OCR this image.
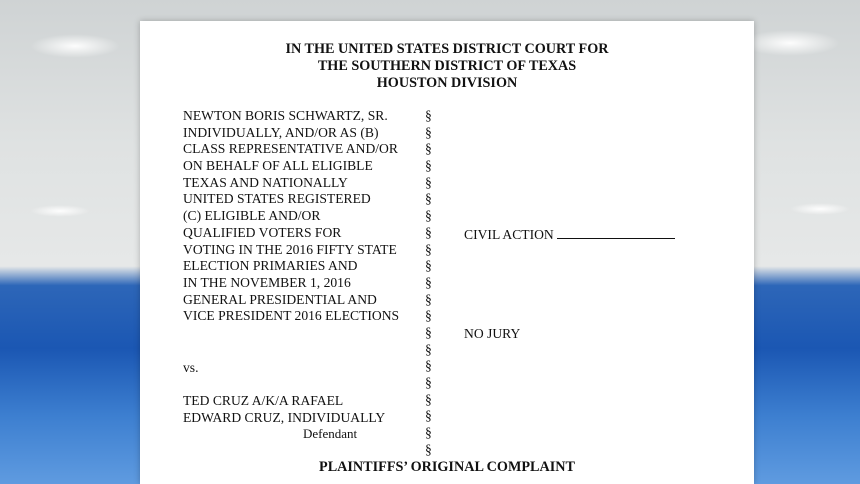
IN THE UNITED STATES DISTRICT COURT FOR
THE SOUTHERN DISTRICT OF TEXAS
HOUSTON DIVISION
NEWTON BORIS SCHWARTZ, SR.
INDIVIDUALLY, AND/OR AS (B)
CLASS REPRESENTATIVE AND/OR
ON BEHALF OF ALL ELIGIBLE
TEXAS AND NATIONALLY
UNITED STATES REGISTERED
(C) ELIGIBLE AND/OR
QUALIFIED VOTERS FOR
VOTING IN THE 2016 FIFTY STATE
ELECTION PRIMARIES AND
IN THE NOVEMBER 1, 2016
GENERAL PRESIDENTIAL AND
VICE PRESIDENT 2016 ELECTIONS
§
§
§
§
§
§
§
§
§
§
§
§
§
§
§
§
§
§
§
§
§
CIVIL ACTION
NO JURY
vs.
TED CRUZ A/K/A RAFAEL
EDWARD CRUZ, INDIVIDUALLY
Defendant
PLAINTIFFS’ ORIGINAL COMPLAINT
